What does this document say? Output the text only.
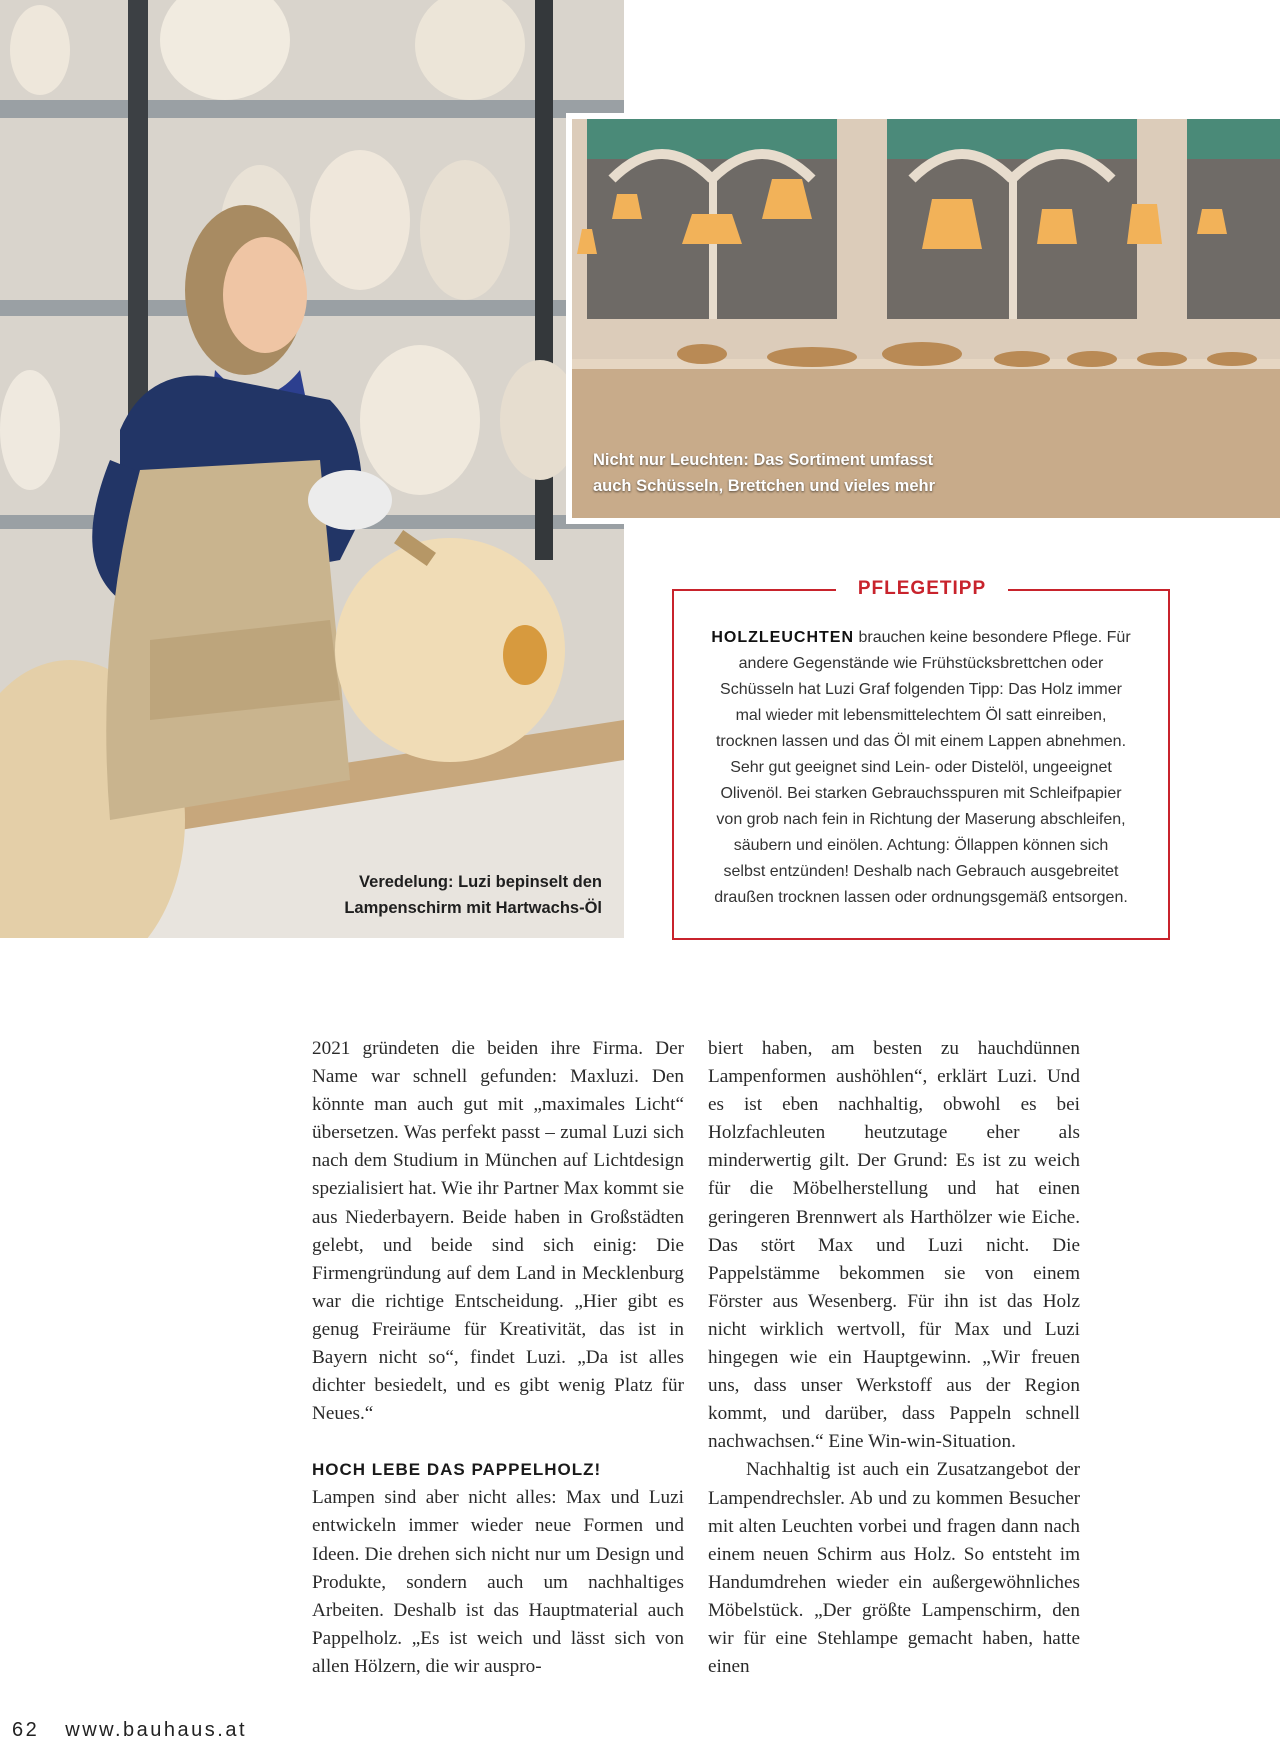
Veredelung: Luzi bepinselt den
Lampenschirm mit Hartwachs-Öl
Nicht nur Leuchten: Das Sortiment umfasst
auch Schüsseln, Brettchen und vieles mehr
PFLEGETIPP
HOLZLEUCHTEN brauchen keine besondere Pflege. Für
andere Gegenstände wie Frühstücksbrettchen oder
Schüsseln hat Luzi Graf folgenden Tipp: Das Holz immer
mal wieder mit lebensmittelechtem Öl satt einreiben,
trocknen lassen und das Öl mit einem Lappen abnehmen.
Sehr gut geeignet sind Lein- oder Distelöl, ungeeignet
Olivenöl. Bei starken Gebrauchsspuren mit Schleifpapier
von grob nach fein in Richtung der Maserung abschleifen,
säubern und einölen. Achtung: Öllappen können sich
selbst entzünden! Deshalb nach Gebrauch ausgebreitet
draußen trocknen lassen oder ordnungsgemäß entsorgen.

2021 gründeten die beiden ihre Firma. Der Name war schnell gefunden: Maxluzi. Den könnte man auch gut mit „maximales Licht“ übersetzen. Was perfekt passt – zumal Luzi sich nach dem Studium in München auf Lichtdesign spezialisiert hat. Wie ihr Partner Max kommt sie aus Niederbayern. Beide haben in Großstädten gelebt, und beide sind sich einig: Die Firmengründung auf dem Land in Mecklenburg war die richtige Entscheidung. „Hier gibt es genug Freiräume für Kreativität, das ist in Bayern nicht so“, findet Luzi. „Da ist alles dichter besiedelt, und es gibt wenig Platz für Neues.“

HOCH LEBE DAS PAPPELHOLZ!

Lampen sind aber nicht alles: Max und Luzi entwickeln immer wieder neue Formen und Ideen. Die drehen sich nicht nur um Design und Produkte, sondern auch um nachhaltiges Arbeiten. Deshalb ist das Hauptmaterial auch Pappelholz. „Es ist weich und lässt sich von allen Hölzern, die wir auspro-

biert haben, am besten zu hauchdünnen Lampenformen aushöhlen“, erklärt Luzi. Und es ist eben nachhaltig, obwohl es bei Holzfachleuten heutzutage eher als minderwertig gilt. Der Grund: Es ist zu weich für die Möbelherstellung und hat einen geringeren Brennwert als Harthölzer wie Eiche. Das stört Max und Luzi nicht. Die Pappelstämme bekommen sie von einem Förster aus Wesenberg. Für ihn ist das Holz nicht wirklich wertvoll, für Max und Luzi hingegen wie ein Hauptgewinn. „Wir freuen uns, dass unser Werkstoff aus der Region kommt, und darüber, dass Pappeln schnell nachwachsen.“ Eine Win-win-Situation.

Nachhaltig ist auch ein Zusatzangebot der Lampendrechsler. Ab und zu kommen Besucher mit alten Leuchten vorbei und fragen dann nach einem neuen Schirm aus Holz. So entsteht im Handumdrehen wieder ein außergewöhnliches Möbelstück. „Der größte Lampenschirm, den wir für eine Stehlampe gemacht haben, hatte einen

62 www.bauhaus.at
